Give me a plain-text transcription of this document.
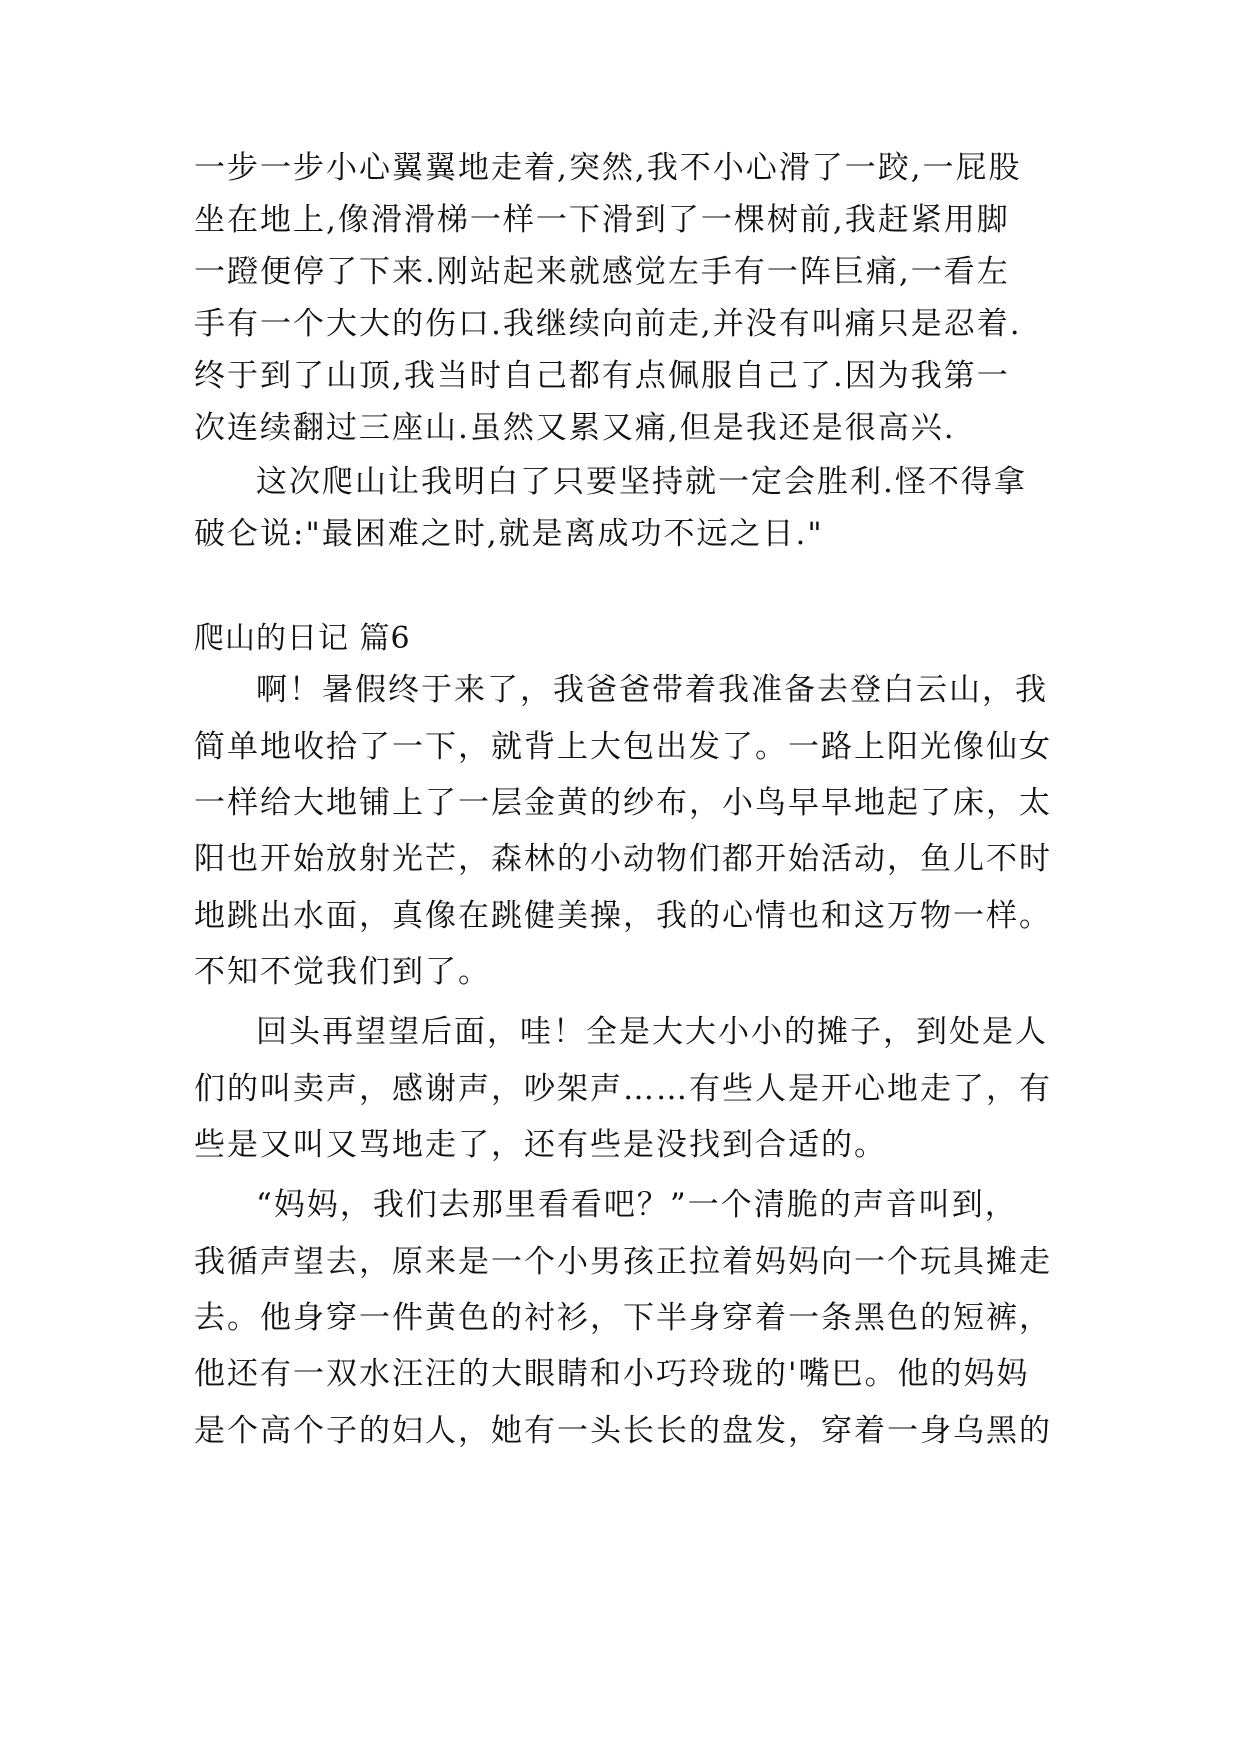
一步一步小心翼翼地走着,突然,我不小心滑了一跤,一屁股
坐在地上,像滑滑梯一样一下滑到了一棵树前,我赶紧用脚
一蹬便停了下来.刚站起来就感觉左手有一阵巨痛,一看左
手有一个大大的伤口.我继续向前走,并没有叫痛只是忍着.
终于到了山顶,我当时自己都有点佩服自己了.因为我第一
次连续翻过三座山.虽然又累又痛,但是我还是很高兴.
这次爬山让我明白了只要坚持就一定会胜利.怪不得拿
破仑说:"最困难之时,就是离成功不远之日."
爬山的日记 篇6
啊！暑假终于来了，我爸爸带着我准备去登白云山，我
简单地收拾了一下，就背上大包出发了。一路上阳光像仙女
一样给大地铺上了一层金黄的纱布，小鸟早早地起了床，太
阳也开始放射光芒，森林的小动物们都开始活动，鱼儿不时
地跳出水面，真像在跳健美操，我的心情也和这万物一样。
不知不觉我们到了。
回头再望望后面，哇！全是大大小小的摊子，到处是人
们的叫卖声，感谢声，吵架声……有些人是开心地走了，有
些是又叫又骂地走了，还有些是没找到合适的。
“妈妈，我们去那里看看吧？”一个清脆的声音叫到，
我循声望去，原来是一个小男孩正拉着妈妈向一个玩具摊走
去。他身穿一件黄色的衬衫，下半身穿着一条黑色的短裤，
他还有一双水汪汪的大眼睛和小巧玲珑的'嘴巴。他的妈妈
是个高个子的妇人，她有一头长长的盘发，穿着一身乌黑的
